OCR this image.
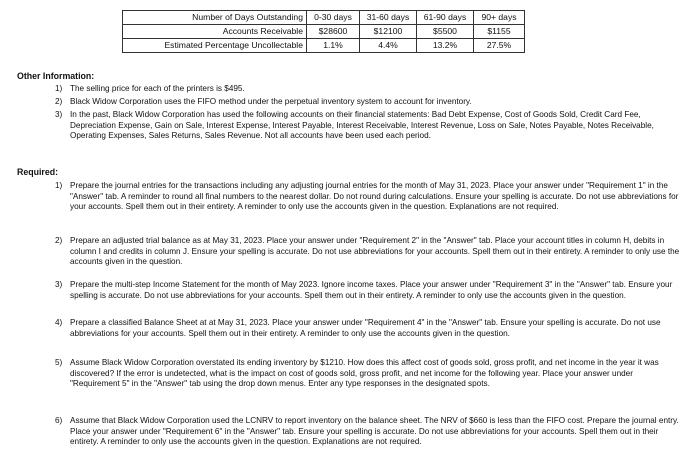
Number of Days Outstanding	0-30 days	31-60 days	61-90 days	90+ days
Accounts Receivable	$28600	$12100	$5500	$1155
Estimated Percentage Uncollectable	1.1%	4.4%	13.2%	27.5%
Other Information:
1) The selling price for each of the printers is $495.
2) Black Widow Corporation uses the FIFO method under the perpetual inventory system to account for inventory.
3) In the past, Black Widow Corporation has used the following accounts on their financial statements: Bad Debt Expense, Cost of Goods Sold, Credit Card Fee, Depreciation Expense, Gain on Sale, Interest Expense, Interest Payable, Interest Receivable, Interest Revenue, Loss on Sale, Notes Payable, Notes Receivable, Operating Expenses, Sales Returns, Sales Revenue. Not all accounts have been used each period.
Required:
1) Prepare the journal entries for the transactions including any adjusting journal entries for the month of May 31, 2023. Place your answer under "Requirement 1" in the "Answer" tab. A reminder to round all final numbers to the nearest dollar. Do not round during calculations. Ensure your spelling is accurate. Do not use abbreviations for your accounts. Spell them out in their entirety. A reminder to only use the accounts given in the question. Explanations are not required.
2) Prepare an adjusted trial balance as at May 31, 2023. Place your answer under "Requirement 2" in the "Answer" tab. Place your account titles in column H, debits in column I and credits in column J. Ensure your spelling is accurate. Do not use abbreviations for your accounts. Spell them out in their entirety. A reminder to only use the accounts given in the question.
3) Prepare the multi-step Income Statement for the month of May 2023. Ignore income taxes. Place your answer under "Requirement 3" in the "Answer" tab. Ensure your spelling is accurate. Do not use abbreviations for your accounts. Spell them out in their entirety. A reminder to only use the accounts given in the question.
4) Prepare a classified Balance Sheet at at May 31, 2023. Place your answer under "Requirement 4" in the "Answer" tab. Ensure your spelling is accurate. Do not use abbreviations for your accounts. Spell them out in their entirety. A reminder to only use the accounts given in the question.
5) Assume Black Widow Corporation overstated its ending inventory by $1210. How does this affect cost of goods sold, gross profit, and net income in the year it was discovered? If the error is undetected, what is the impact on cost of goods sold, gross profit, and net income for the following year. Place your answer under "Requirement 5" in the "Answer" tab using the drop down menus. Enter any type responses in the designated spots.
6) Assume that Black Widow Corporation used the LCNRV to report inventory on the balance sheet. The NRV of $660 is less than the FIFO cost. Prepare the journal entry. Place your answer under "Requirement 6" in the "Answer" tab. Ensure your spelling is accurate. Do not use abbreviations for your accounts. Spell them out in their entirety. A reminder to only use the accounts given in the question. Explanations are not required.
